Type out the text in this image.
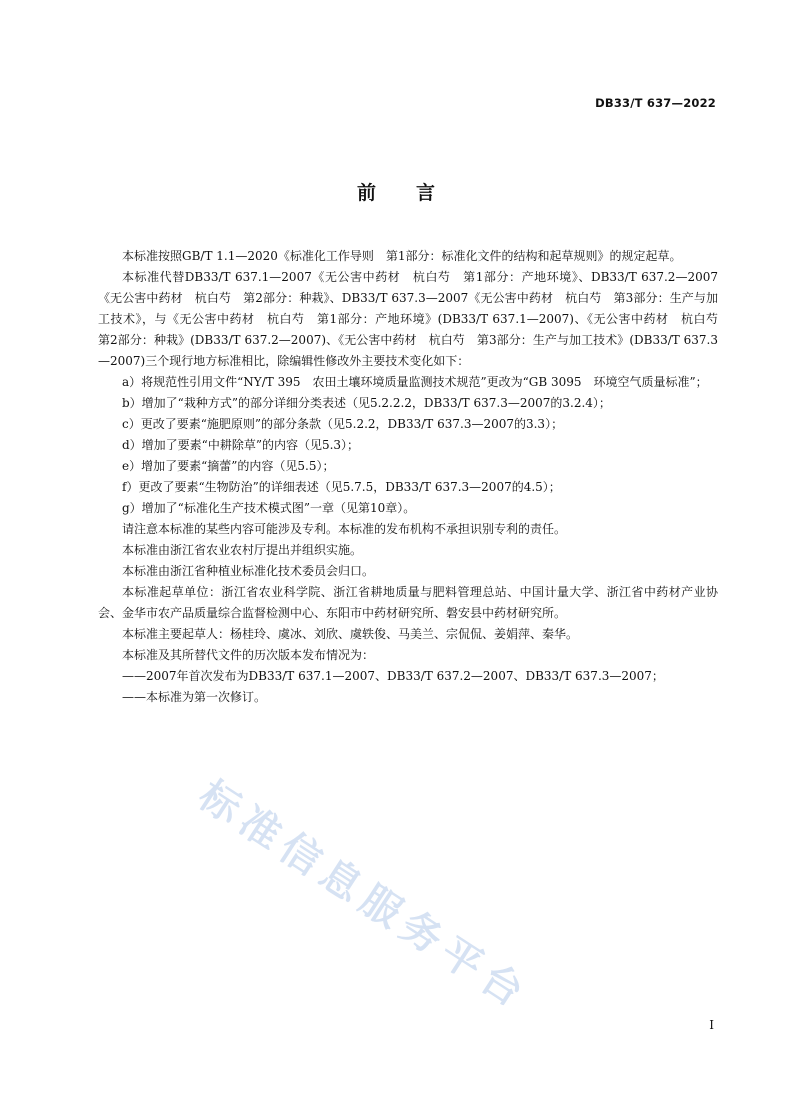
DB33/T 637—2022
前言

本标准按照GB/T 1.1—2020《标准化工作导则　第1部分：标准化文件的结构和起草规则》的规定起草。

本标准代替DB33/T 637.1—2007《无公害中药材　杭白芍　第1部分：产地环境》、DB33/T 637.2—2007《无公害中药材　杭白芍　第2部分：种栽》、DB33/T 637.3—2007《无公害中药材　杭白芍　第3部分：生产与加工技术》，与《无公害中药材　杭白芍　第1部分：产地环境》(DB33/T 637.1—2007)、《无公害中药材　杭白芍　第2部分：种栽》(DB33/T 637.2—2007)、《无公害中药材　杭白芍　第3部分：生产与加工技术》(DB33/T 637.3—2007)三个现行地方标准相比，除编辑性修改外主要技术变化如下：

a）将规范性引用文件“NY/T 395　农田土壤环境质量监测技术规范”更改为“GB 3095　环境空气质量标准”；

b）增加了“栽种方式”的部分详细分类表述（见5.2.2.2，DB33/T 637.3—2007的3.2.4）；

c）更改了要素“施肥原则”的部分条款（见5.2.2，DB33/T 637.3—2007的3.3）；

d）增加了要素“中耕除草”的内容（见5.3）；

e）增加了要素“摘蕾”的内容（见5.5）；

f）更改了要素“生物防治”的详细表述（见5.7.5，DB33/T 637.3—2007的4.5）；

g）增加了“标准化生产技术模式图”一章（见第10章）。

请注意本标准的某些内容可能涉及专利。本标准的发布机构不承担识别专利的责任。

本标准由浙江省农业农村厅提出并组织实施。

本标准由浙江省种植业标准化技术委员会归口。

本标准起草单位：浙江省农业科学院、浙江省耕地质量与肥料管理总站、中国计量大学、浙江省中药材产业协会、金华市农产品质量综合监督检测中心、东阳市中药材研究所、磐安县中药材研究所。

本标准主要起草人：杨桂玲、虞冰、刘欣、虞轶俊、马美兰、宗侃侃、姜娟萍、秦华。

本标准及其所替代文件的历次版本发布情况为：

——2007年首次发布为DB33/T 637.1—2007、DB33/T 637.2—2007、DB33/T 637.3—2007；

——本标准为第一次修订。

标准信息服务平台
I
